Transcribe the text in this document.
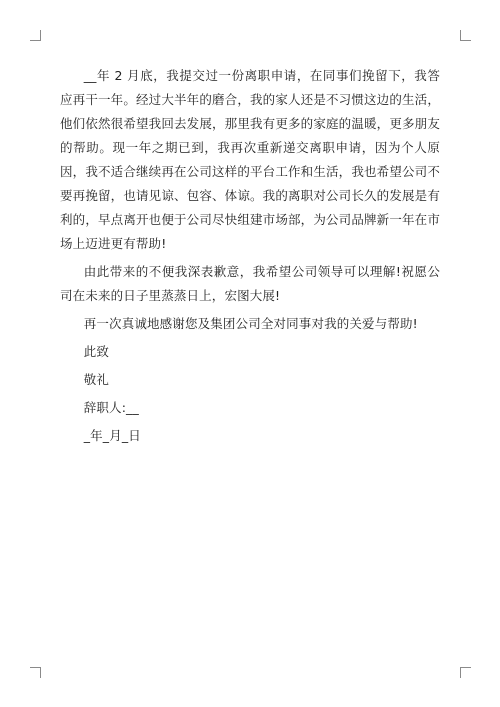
__年 2 月底，我提交过一份离职申请，在同事们挽留下，我答应再干一年。经过大半年的磨合，我的家人还是不习惯这边的生活，他们依然很希望我回去发展，那里我有更多的家庭的温暖，更多朋友的帮助。现一年之期已到，我再次重新递交离职申请，因为个人原因，我不适合继续再在公司这样的平台工作和生活，我也希望公司不要再挽留，也请见谅、包容、体谅。我的离职对公司长久的发展是有利的，早点离开也便于公司尽快组建市场部，为公司品牌新一年在市场上迈进更有帮助!

由此带来的不便我深表歉意，我希望公司领导可以理解!祝愿公司在未来的日子里蒸蒸日上，宏图大展!

再一次真诚地感谢您及集团公司全对同事对我的关爱与帮助!

此致

敬礼

辞职人:__

_年_月_日
